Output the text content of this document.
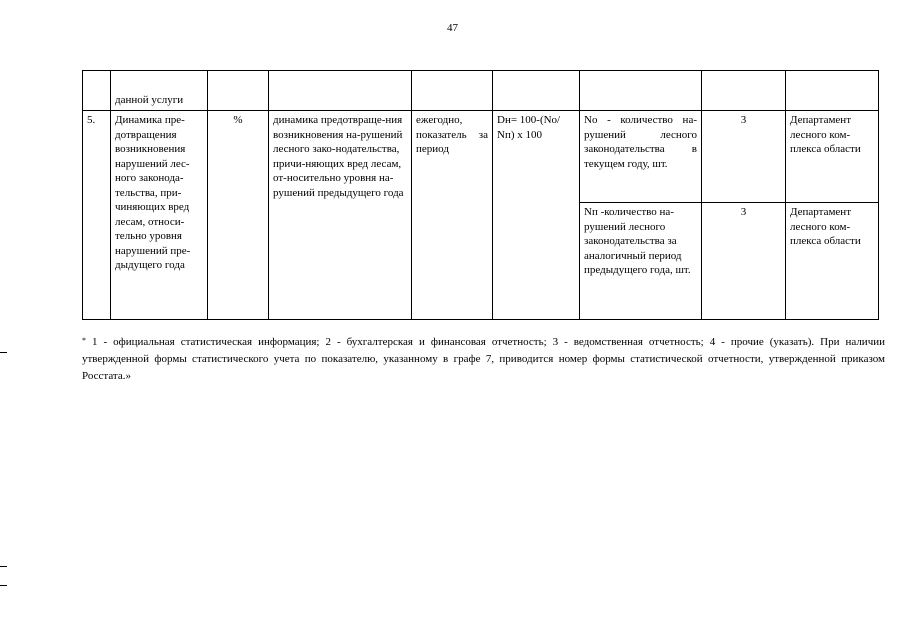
47
	данной услуги							
5.	Динамика пре-дотвращения возникновения нарушений лес-ного законода-тельства, при-чиняющих вред лесам, относи-тельно уровня нарушений пре-дыдущего года	%	динамика предотвраще-ния возникновения на-рушений лесного зако-нодательства, причи-няющих вред лесам, от-носительно уровня на-рушений предыдущего года	ежегодно, показатель за период	Dн= 100-(Nо/ Nп) x 100	Nо - количество на-рушений лесного законодательства в текущем году, шт.	3	Департамент лесного ком-плекса области
						Nп -количество на-рушений лесного законодательства за аналогичный период предыдущего года, шт.	3	Департамент лесного ком-плекса области
* 1 - официальная статистическая информация; 2 - бухгалтерская и финансовая отчетность; 3 - ведомственная отчетность; 4 - прочие (указать). При наличии утвержденной формы статистического учета по показателю, указанному в графе 7, приводится номер формы статистической отчетности, утвержденной приказом Росстата.»
